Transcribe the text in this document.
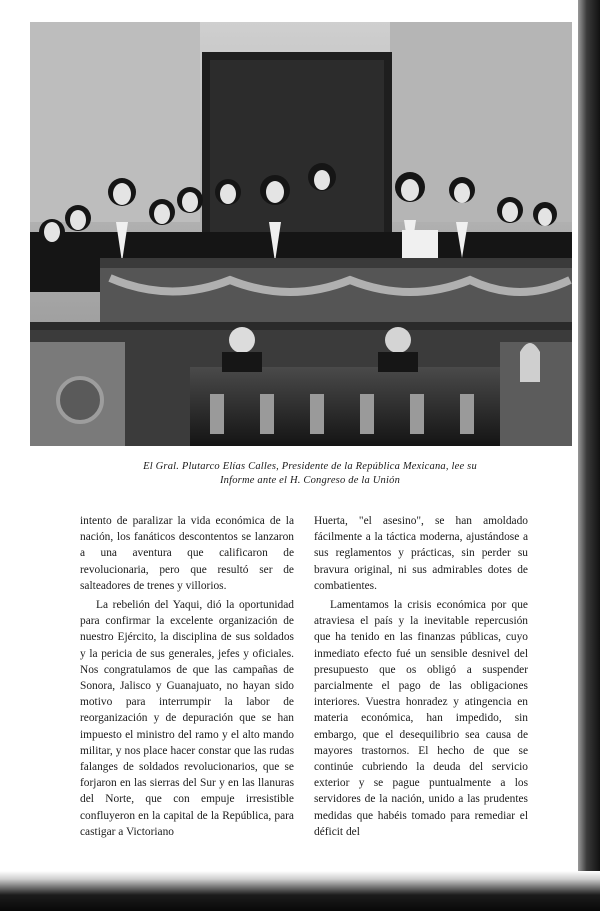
El Gral. Plutarco Elías Calles, Presidente de la República Mexicana, lee su
Informe ante el H. Congreso de la Unión

intento de paralizar la vida económica de la nación, los fanáticos descontentos se lanzaron a una aventura que calificaron de revolucionaria, pero que resultó ser de salteadores de trenes y villorios.

La rebelión del Yaqui, dió la oportunidad para confirmar la excelente organización de nuestro Ejército, la disciplina de sus soldados y la pericia de sus generales, jefes y oficiales. Nos congratulamos de que las campañas de Sonora, Jalisco y Guanajuato, no hayan sido motivo para interrumpir la labor de reorganización y de depuración que se han impuesto el ministro del ramo y el alto mando militar, y nos place hacer constar que las rudas falanges de soldados revolucionarios, que se forjaron en las sierras del Sur y en las llanuras del Norte, que con empuje irresistible confluyeron en la capital de la República, para castigar a Victoriano

Huerta, "el asesino", se han amoldado fácilmente a la táctica moderna, ajustándose a sus reglamentos y prácticas, sin perder su bravura original, ni sus admirables dotes de combatientes.

Lamentamos la crisis económica por que atraviesa el país y la inevitable repercusión que ha tenido en las finanzas públicas, cuyo inmediato efecto fué un sensible desnivel del presupuesto que os obligó a suspender parcialmente el pago de las obligaciones interiores. Vuestra honradez y atingencia en materia económica, han impedido, sin embargo, que el desequilibrio sea causa de mayores trastornos. El hecho de que se continúe cubriendo la deuda del servicio exterior y se pague puntualmente a los servidores de la nación, unido a las prudentes medidas que habéis tomado para remediar el déficit del
